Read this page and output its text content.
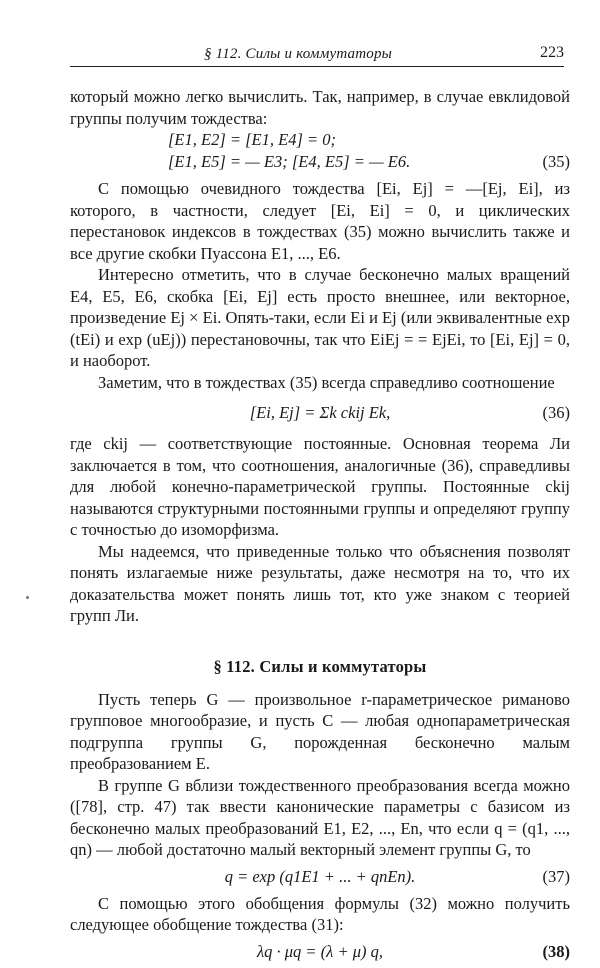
§ 112. Силы и коммутаторы	223

который можно легко вычислить. Так, например, в случае евклидовой группы получим тождества:

[E1, E2] = [E1, E4] = 0;
[E1, E5] = — E3; [E4, E5] = — E6.	(35)

С помощью очевидного тождества [Ei, Ej] = —[Ej, Ei], из которого, в частности, следует [Ei, Ei] = 0, и циклических перестановок индексов в тождествах (35) можно вычислить также и все другие скобки Пуассона E1, ..., E6.

Интересно отметить, что в случае бесконечно малых вращений E4, E5, E6, скобка [Ei, Ej] есть просто внешнее, или векторное, произведение Ej × Ei. Опять-таки, если Ei и Ej (или эквивалентные exp (tEi) и exp (uEj)) перестановочны, так что EiEj = = EjEi, то [Ei, Ej] = 0, и наоборот.

Заметим, что в тождествах (35) всегда справедливо соотношение

[Ei, Ej] = Σk ckij Ek,	(36)

где ckij — соответствующие постоянные. Основная теорема Ли заключается в том, что соотношения, аналогичные (36), справедливы для любой конечно-параметрической группы. Постоянные ckij называются структурными постоянными группы и определяют группу с точностью до изоморфизма.

Мы надеемся, что приведенные только что объяснения позволят понять излагаемые ниже результаты, даже несмотря на то, что их доказательства может понять лишь тот, кто уже знаком с теорией групп Ли.

§ 112. Силы и коммутаторы

Пусть теперь G — произвольное r-параметрическое римановo групповое многообразие, и пусть C — любая однопараметрическая подгруппа группы G, порожденная бесконечно малым преобразованием E.

В группе G вблизи тождественного преобразования всегда можно ([78], стр. 47) так ввести канонические параметры с базисом из бесконечно малых преобразований E1, E2, ..., En, что если q = (q1, ..., qn) — любой достаточно малый векторный элемент группы G, то

q = exp (q1E1 + ... + qnEn).	(37)

С помощью этого обобщения формулы (32) можно получить следующее обобщение тождества (31):

λq · μq = (λ + μ) q,	(38)
